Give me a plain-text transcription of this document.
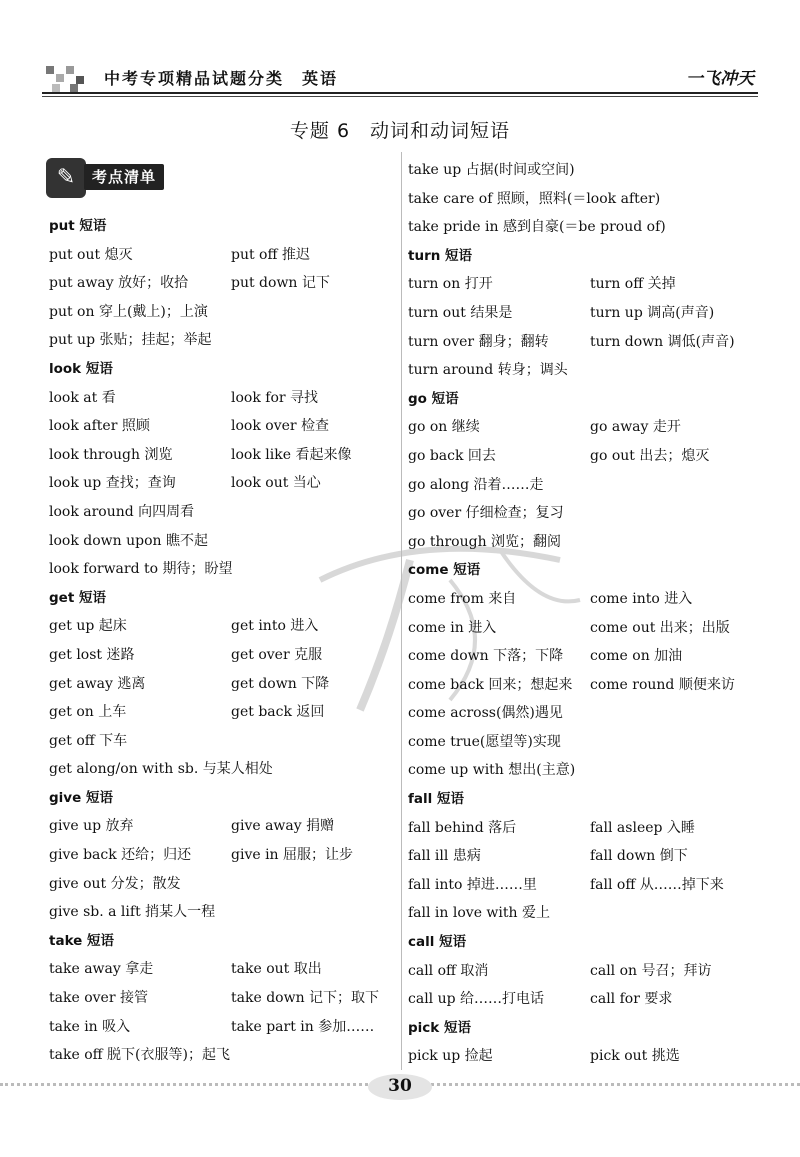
中考专项精品试题分类 英语	一飞冲天
专题 6　动词和动词短语
✎	考点清单
put 短语
put out 熄灭	put off 推迟
put away 放好；收拾	put down 记下
put on 穿上(戴上)；上演
put up 张贴；挂起；举起
look 短语
look at 看	look for 寻找
look after 照顾	look over 检查
look through 浏览	look like 看起来像
look up 查找；查询	look out 当心
look around 向四周看
look down upon 瞧不起
look forward to 期待；盼望
get 短语
get up 起床	get into 进入
get lost 迷路	get over 克服
get away 逃离	get down 下降
get on 上车	get back 返回
get off 下车
get along/on with sb. 与某人相处
give 短语
give up 放弃	give away 捐赠
give back 还给；归还	give in 屈服；让步
give out 分发；散发
give sb. a lift 捎某人一程
take 短语
take away 拿走	take out 取出
take over 接管	take down 记下；取下
take in 吸入	take part in 参加……
take off 脱下(衣服等)；起飞
take up 占据(时间或空间)
take care of 照顾，照料(＝look after)
take pride in 感到自豪(＝be proud of)
turn 短语
turn on 打开	turn off 关掉
turn out 结果是	turn up 调高(声音)
turn over 翻身；翻转	turn down 调低(声音)
turn around 转身；调头
go 短语
go on 继续	go away 走开
go back 回去	go out 出去；熄灭
go along 沿着……走
go over 仔细检查；复习
go through 浏览；翻阅
come 短语
come from 来自	come into 进入
come in 进入	come out 出来；出版
come down 下落；下降 come on 加油
come back 回来；想起来 come round 顺便来访
come across(偶然)遇见
come true(愿望等)实现
come up with 想出(主意)
fall 短语
fall behind 落后	fall asleep 入睡
fall ill 患病	fall down 倒下
fall into 掉进……里	fall off 从……掉下来
fall in love with 爱上
call 短语
call off 取消	call on 号召；拜访
call up 给……打电话	call for 要求
pick 短语
pick up 捡起	pick out 挑选
30
